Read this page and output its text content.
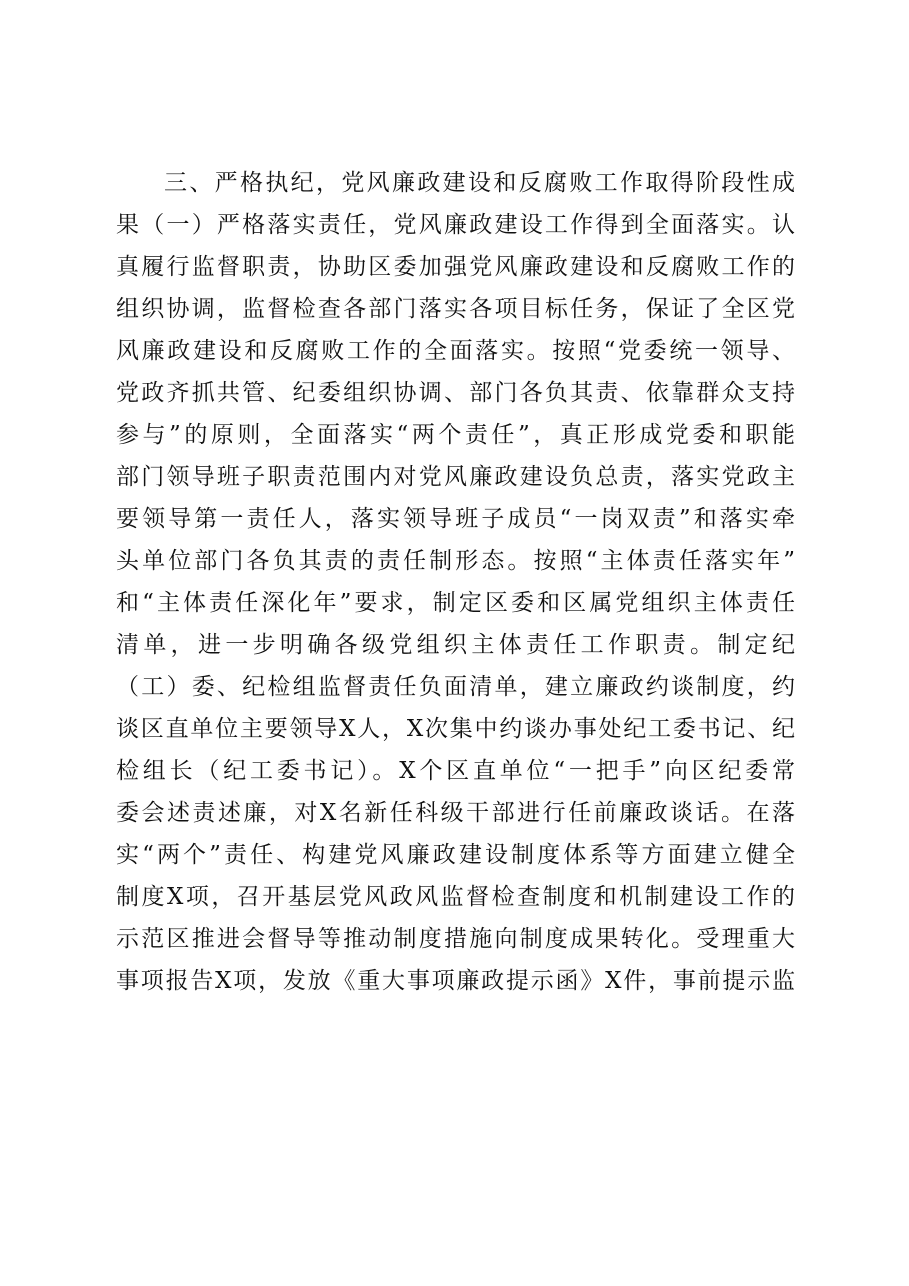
三、严格执纪，党风廉政建设和反腐败工作取得阶段性成
果（一）严格落实责任，党风廉政建设工作得到全面落实。认
真履行监督职责，协助区委加强党风廉政建设和反腐败工作的
组织协调，监督检查各部门落实各项目标任务，保证了全区党
风廉政建设和反腐败工作的全面落实。按照“党委统一领导、
党政齐抓共管、纪委组织协调、部门各负其责、依靠群众支持
参与”的原则，全面落实“两个责任”，真正形成党委和职能
部门领导班子职责范围内对党风廉政建设负总责，落实党政主
要领导第一责任人，落实领导班子成员“一岗双责”和落实牵
头单位部门各负其责的责任制形态。按照“主体责任落实年”
和“主体责任深化年”要求，制定区委和区属党组织主体责任
清单，进一步明确各级党组织主体责任工作职责。制定纪
（工）委、纪检组监督责任负面清单，建立廉政约谈制度，约
谈区直单位主要领导X人，X次集中约谈办事处纪工委书记、纪
检组长（纪工委书记）。X个区直单位“一把手”向区纪委常
委会述责述廉，对X名新任科级干部进行任前廉政谈话。在落
实“两个”责任、构建党风廉政建设制度体系等方面建立健全
制度X项，召开基层党风政风监督检查制度和机制建设工作的
示范区推进会督导等推动制度措施向制度成果转化。受理重大
事项报告X项，发放《重大事项廉政提示函》X件，事前提示监
